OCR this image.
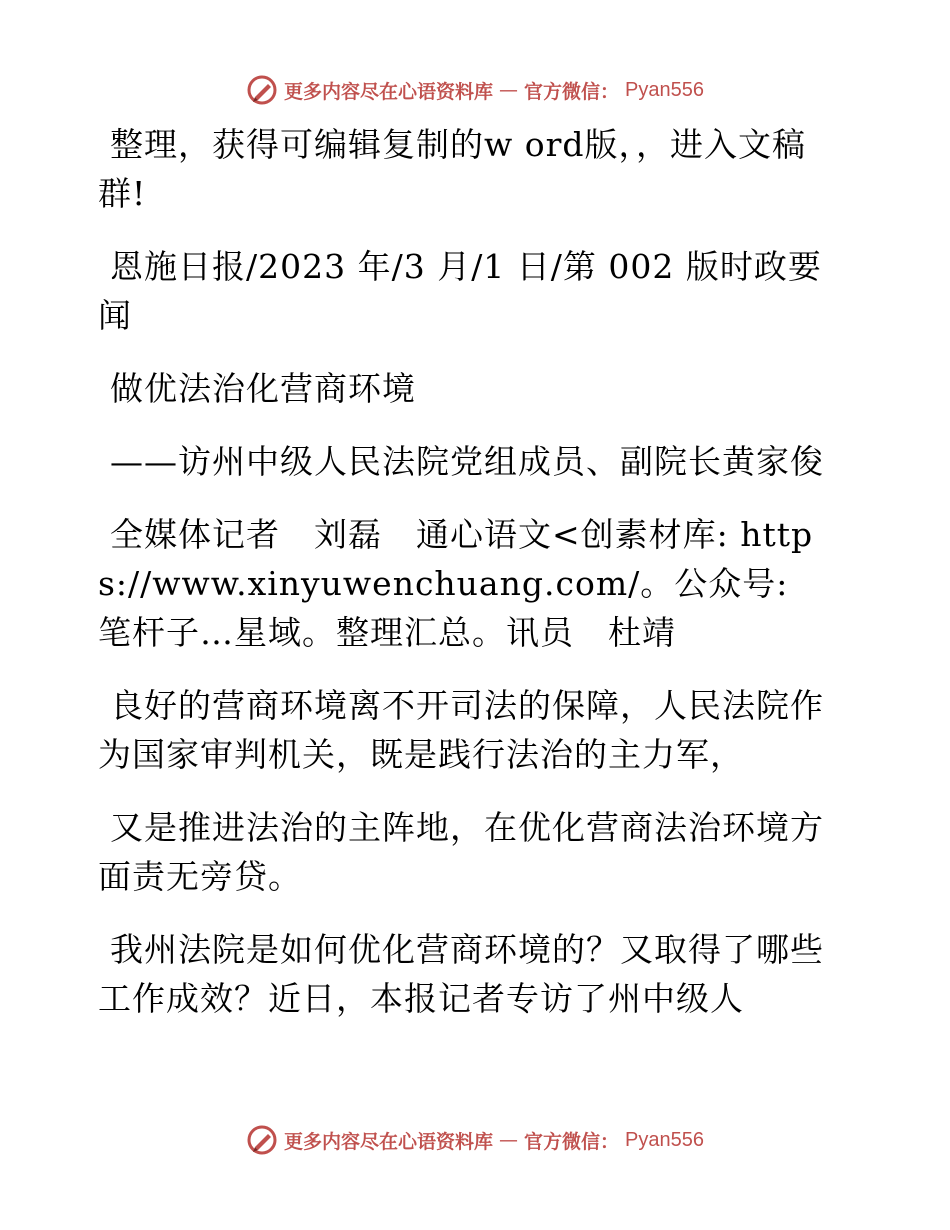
更多内容尽在心语资料库 — 官方微信： Pyan556

整理，获得可编辑复制的w ord版，，进入文稿群!

恩施日报/2023 年/3 月/1 日/第 002 版时政要闻

做优法治化营商环境

——访州中级人民法院党组成员、副院长黄家俊

全媒体记者　刘磊　通心语文<创素材库: https://www.xinyuwenchuang.com/。公众号: 笔杆子…星域。整理汇总。讯员　杜靖

良好的营商环境离不开司法的保障，人民法院作为国家审判机关，既是践行法治的主力军，

又是推进法治的主阵地，在优化营商法治环境方面责无旁贷。

我州法院是如何优化营商环境的？又取得了哪些工作成效？近日，本报记者专访了州中级人

更多内容尽在心语资料库 — 官方微信： Pyan556
